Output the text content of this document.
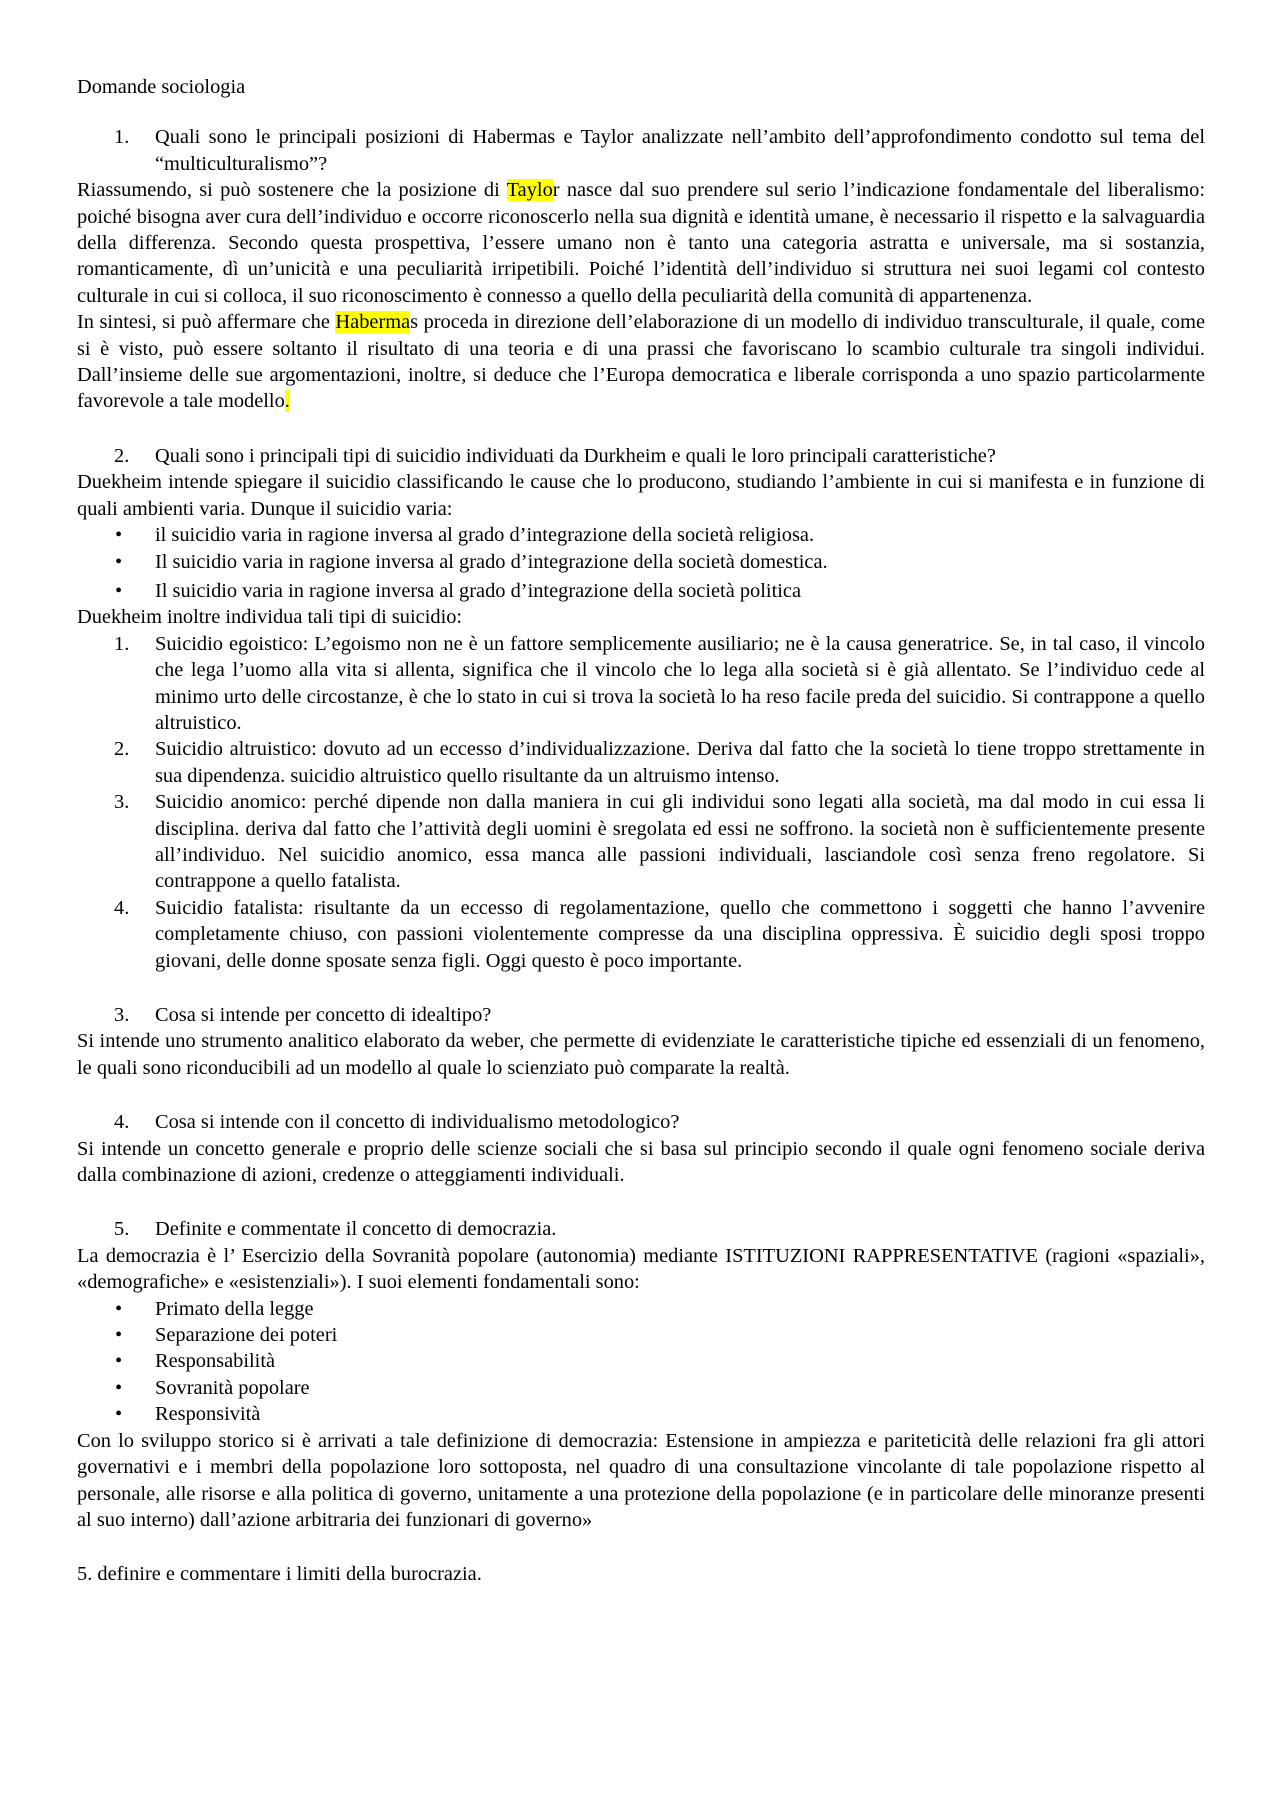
Domande sociologia

1. Quali sono le principali posizioni di Habermas e Taylor analizzate nell’ambito dell’approfondimento condotto sul tema del “multiculturalismo”?

Riassumendo, si può sostenere che la posizione di Taylor nasce dal suo prendere sul serio l’indicazione fondamentale del liberalismo: poiché bisogna aver cura dell’individuo e occorre riconoscerlo nella sua dignità e identità umane, è necessario il rispetto e la salvaguardia della differenza. Secondo questa prospettiva, l’essere umano non è tanto una categoria astratta e universale, ma si sostanzia, romanticamente, dì un’unicità e una peculiarità irripetibili. Poiché l’identità dell’individuo si struttura nei suoi legami col contesto culturale in cui si colloca, il suo riconoscimento è connesso a quello della peculiarità della comunità di appartenenza.

In sintesi, si può affermare che Habermas proceda in direzione dell’elaborazione di un modello di individuo transculturale, il quale, come si è visto, può essere soltanto il risultato di una teoria e di una prassi che favoriscano lo scambio culturale tra singoli individui. Dall’insieme delle sue argomentazioni, inoltre, si deduce che l’Europa democratica e liberale corrisponda a uno spazio particolarmente favorevole a tale modello.

2. Quali sono i principali tipi di suicidio individuati da Durkheim e quali le loro principali caratteristiche?

Duekheim intende spiegare il suicidio classificando le cause che lo producono, studiando l’ambiente in cui si manifesta e in funzione di quali ambienti varia. Dunque il suicidio varia:

• il suicidio varia in ragione inversa al grado d’integrazione della società religiosa.
• Il suicidio varia in ragione inversa al grado d’integrazione della società domestica.
• Il suicidio varia in ragione inversa al grado d’integrazione della società politica

Duekheim inoltre individua tali tipi di suicidio:

1. Suicidio egoistico: L’egoismo non ne è un fattore semplicemente ausiliario; ne è la causa generatrice. Se, in tal caso, il vincolo che lega l’uomo alla vita si allenta, significa che il vincolo che lo lega alla società si è già allentato. Se l’individuo cede al minimo urto delle circostanze, è che lo stato in cui si trova la società lo ha reso facile preda del suicidio. Si contrappone a quello altruistico.
2. Suicidio altruistico: dovuto ad un eccesso d’individualizzazione. Deriva dal fatto che la società lo tiene troppo strettamente in sua dipendenza. suicidio altruistico quello risultante da un altruismo intenso.
3. Suicidio anomico: perché dipende non dalla maniera in cui gli individui sono legati alla società, ma dal modo in cui essa li disciplina. deriva dal fatto che l’attività degli uomini è sregolata ed essi ne soffrono. la società non è sufficientemente presente all’individuo. Nel suicidio anomico, essa manca alle passioni individuali, lasciandole così senza freno regolatore. Si contrappone a quello fatalista.
4. Suicidio fatalista: risultante da un eccesso di regolamentazione, quello che commettono i soggetti che hanno l’avvenire completamente chiuso, con passioni violentemente compresse da una disciplina oppressiva. È suicidio degli sposi troppo giovani, delle donne sposate senza figli. Oggi questo è poco importante.
3. Cosa si intende per concetto di idealtipo?

Si intende uno strumento analitico elaborato da weber, che permette di evidenziate le caratteristiche tipiche ed essenziali di un fenomeno, le quali sono riconducibili ad un modello al quale lo scienziato può comparate la realtà.

4. Cosa si intende con il concetto di individualismo metodologico?

Si intende un concetto generale e proprio delle scienze sociali che si basa sul principio secondo il quale ogni fenomeno sociale deriva dalla combinazione di azioni, credenze o atteggiamenti individuali.

5. Definite e commentate il concetto di democrazia.

La democrazia è l’ Esercizio della Sovranità popolare (autonomia) mediante ISTITUZIONI RAPPRESENTATIVE (ragioni «spaziali», «demografiche» e «esistenziali»). I suoi elementi fondamentali sono:

• Primato della legge
• Separazione dei poteri
• Responsabilità
• Sovranità popolare
• Responsività

Con lo sviluppo storico si è arrivati a tale definizione di democrazia: Estensione in ampiezza e pariteticità delle relazioni fra gli attori governativi e i membri della popolazione loro sottoposta, nel quadro di una consultazione vincolante di tale popolazione rispetto al personale, alle risorse e alla politica di governo, unitamente a una protezione della popolazione (e in particolare delle minoranze presenti al suo interno) dall’azione arbitraria dei funzionari di governo»

5. definire e commentare i limiti della burocrazia.
